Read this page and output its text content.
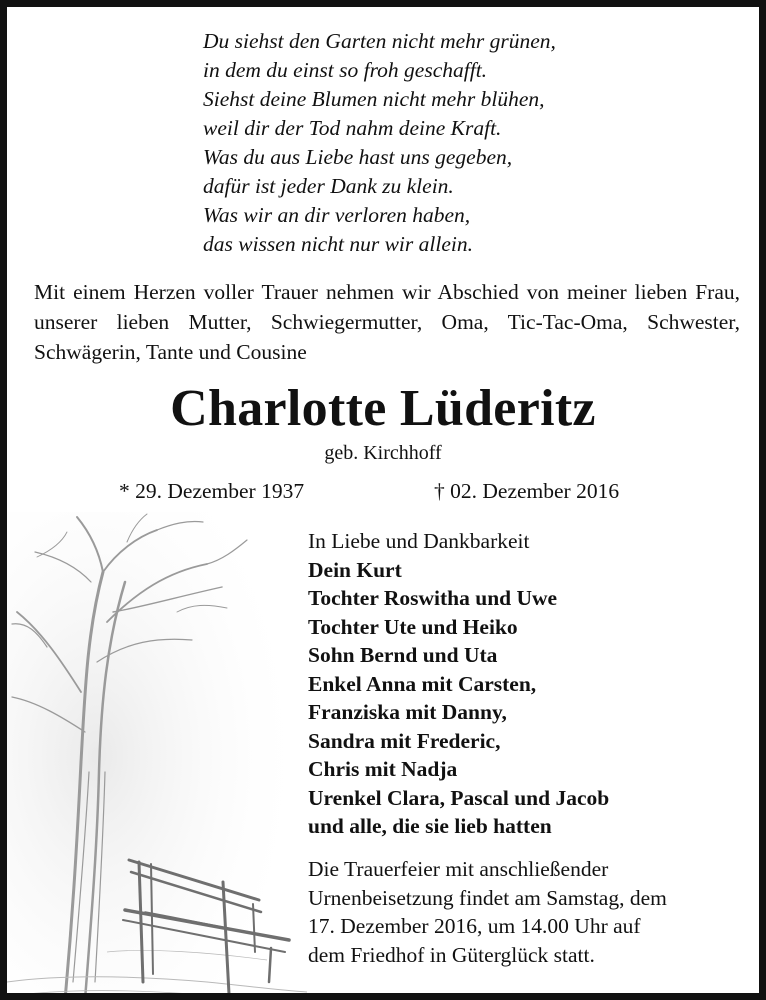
Du siehst den Garten nicht mehr grünen,
in dem du einst so froh geschafft.
Siehst deine Blumen nicht mehr blühen,
weil dir der Tod nahm deine Kraft.
Was du aus Liebe hast uns gegeben,
dafür ist jeder Dank zu klein.
Was wir an dir verloren haben,
das wissen nicht nur wir allein.
Mit einem Herzen voller Trauer nehmen wir Abschied von meiner lieben Frau, unserer lieben Mutter, Schwiegermutter, Oma, Tic-Tac-Oma, Schwester, Schwägerin, Tante und Cousine
Charlotte Lüderitz
geb. Kirchhoff
* 29. Dezember 1937	† 02. Dezember 2016
In Liebe und Dankbarkeit
Dein Kurt
Tochter Roswitha und Uwe
Tochter Ute und Heiko
Sohn Bernd und Uta
Enkel Anna mit Carsten,
Franziska mit Danny,
Sandra mit Frederic,
Chris mit Nadja
Urenkel Clara, Pascal und Jacob
und alle, die sie lieb hatten
Die Trauerfeier mit anschließender
Urnenbeisetzung findet am Samstag, dem
17. Dezember 2016, um 14.00 Uhr auf
dem Friedhof in Güterglück statt.
